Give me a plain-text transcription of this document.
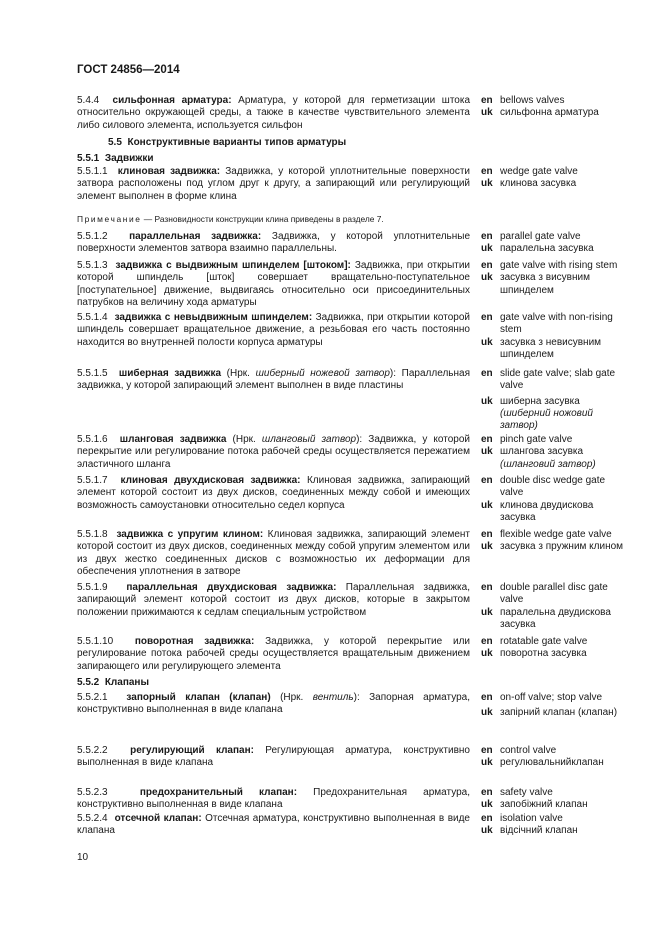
ГОСТ 24856—2014
5.4.4 сильфонная арматура: Арматура, у которой для герметизации штока относительно окружающей среды, а также в качестве чувствительного элемента либо силового элемента, используется сильфон
en bellows valves
uk сильфонна арматура
5.5 Конструктивные варианты типов арматуры
5.5.1 Задвижки
5.5.1.1 клиновая задвижка: Задвижка, у которой уплотнительные поверхности затвора расположены под углом друг к другу, а запирающий или регулирующий элемент выполнен в форме клина
en wedge gate valve
uk клинова засувка
Примечание — Разновидности конструкции клина приведены в разделе 7.
5.5.1.2 параллельная задвижка: Задвижка, у которой уплотнительные поверхности элементов затвора взаимно параллельны.
en parallel gate valve
uk паралельна засувка
5.5.1.3 задвижка с выдвижным шпинделем [штоком]: Задвижка, при открытии которой шпиндель [шток] совершает вращательно-поступательное [поступательное] движение, выдвигаясь относительно оси присоединительных патрубков на величину хода арматуры
en gate valve with rising stem
uk засувка з висувним шпинделем
5.5.1.4 задвижка с невыдвижным шпинделем: Задвижка, при открытии которой шпиндель совершает вращательное движение, а резьбовая его часть постоянно находится во внутренней полости корпуса арматуры
en gate valve with non-rising stem
uk засувка з невисувним шпинделем
5.5.1.5 шиберная задвижка (Нрк. шиберный ножевой затвор): Параллельная задвижка, у которой запирающий элемент выполнен в виде пластины
en slide gate valve; slab gate valve
uk шиберна засувка
(шиберний ножовий затвор)
5.5.1.6 шланговая задвижка (Нрк. шланговый затвор): Задвижка, у которой перекрытие или регулирование потока рабочей среды осуществляется пережатием эластичного шланга
en pinch gate valve
uk шлангова засувка
(шланговий затвор)
5.5.1.7 клиновая двухдисковая задвижка: Клиновая задвижка, запирающий элемент которой состоит из двух дисков, соединенных между собой и имеющих возможность самоустановки относительно седел корпуса
en double disc wedge gate valve
uk клинова двудискова засувка
5.5.1.8 задвижка с упругим клином: Клиновая задвижка, запирающий элемент которой состоит из двух дисков, соединенных между собой упругим элементом или из двух жестко соединенных дисков с возможностью их деформации для обеспечения уплотнения в затворе
en flexible wedge gate valve
uk засувка з пружним клином
5.5.1.9 параллельная двухдисковая задвижка: Параллельная задвижка, запирающий элемент которой состоит из двух дисков, которые в закрытом положении прижимаются к седлам специальным устройством
en double parallel disc gate valve
uk паралельна двудискова засувка
5.5.1.10 поворотная задвижка: Задвижка, у которой перекрытие или регулирование потока рабочей среды осуществляется вращательным движением запирающего или регулирующего элемента
en rotatable gate valve
uk поворотна засувка
5.5.2 Клапаны
5.5.2.1 запорный клапан (клапан) (Нрк. вентиль): Запорная арматура, конструктивно выполненная в виде клапана
en on-off valve; stop valve
uk запірний клапан (клапан)
5.5.2.2 регулирующий клапан: Регулирующая арматура, конструктивно выполненная в виде клапана
en control valve
uk регулювальнийклапан
5.5.2.3	предохранительный клапан: Предохранительная арматура, конструктивно выполненная в виде клапана
en safety valve
uk запобіжний клапан
5.5.2.4 отсечной клапан: Отсечная арматура, конструктивно выполненная в виде клапана
en isolation valve
uk відсічний клапан
10
